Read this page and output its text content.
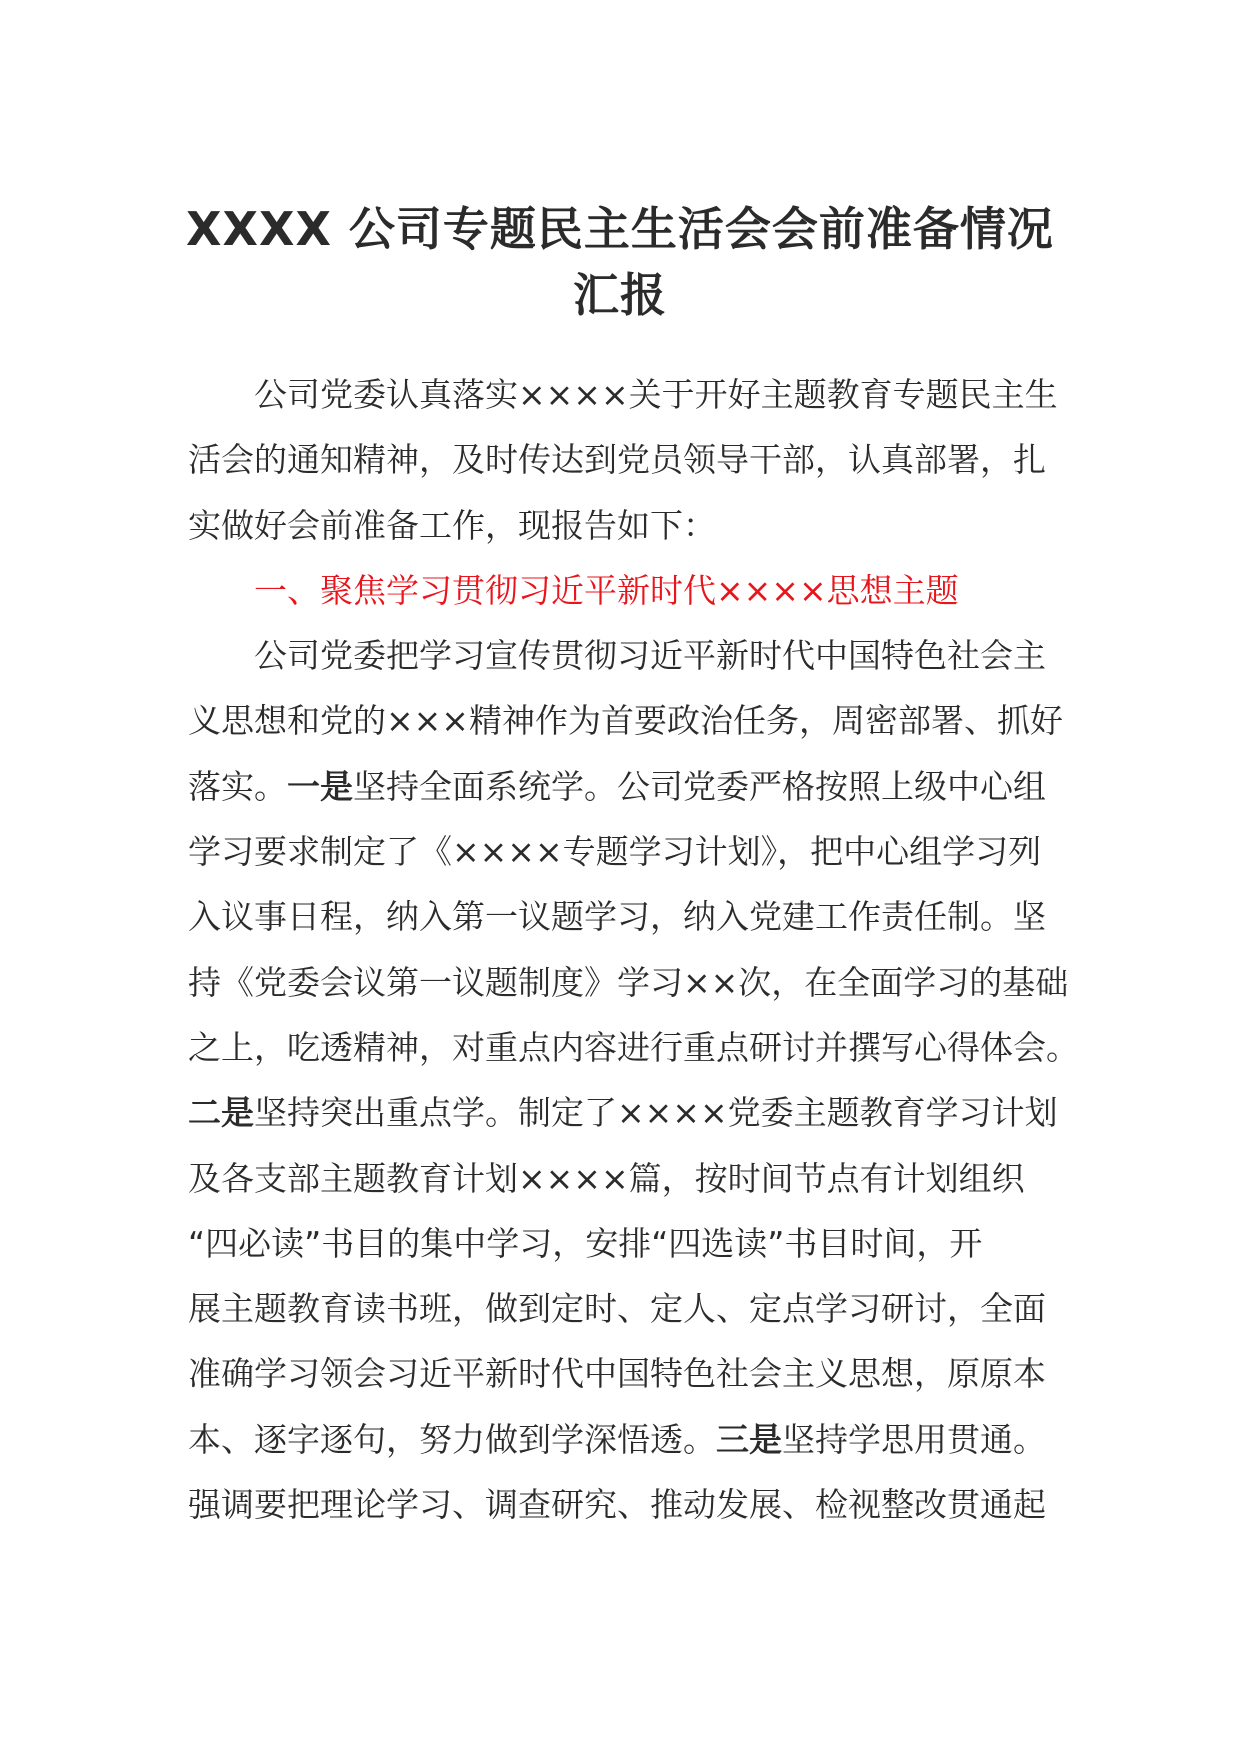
XXXX 公司专题民主生活会会前准备情况汇报
公司党委认真落实××××关于开好主题教育专题民主生
活会的通知精神，及时传达到党员领导干部，认真部署，扎
实做好会前准备工作，现报告如下：
一、聚焦学习贯彻习近平新时代××××思想主题
公司党委把学习宣传贯彻习近平新时代中国特色社会主
义思想和党的×××精神作为首要政治任务，周密部署、抓好
落实。一是坚持全面系统学。公司党委严格按照上级中心组
学习要求制定了《××××专题学习计划》，把中心组学习列
入议事日程，纳入第一议题学习，纳入党建工作责任制。坚
持《党委会议第一议题制度》学习××次，在全面学习的基础
之上，吃透精神，对重点内容进行重点研讨并撰写心得体会。
二是坚持突出重点学。制定了××××党委主题教育学习计划
及各支部主题教育计划××××篇，按时间节点有计划组织
“四必读”书目的集中学习，安排“四选读”书目时间，开
展主题教育读书班，做到定时、定人、定点学习研讨，全面
准确学习领会习近平新时代中国特色社会主义思想，原原本
本、逐字逐句，努力做到学深悟透。三是坚持学思用贯通。
强调要把理论学习、调查研究、推动发展、检视整改贯通起
